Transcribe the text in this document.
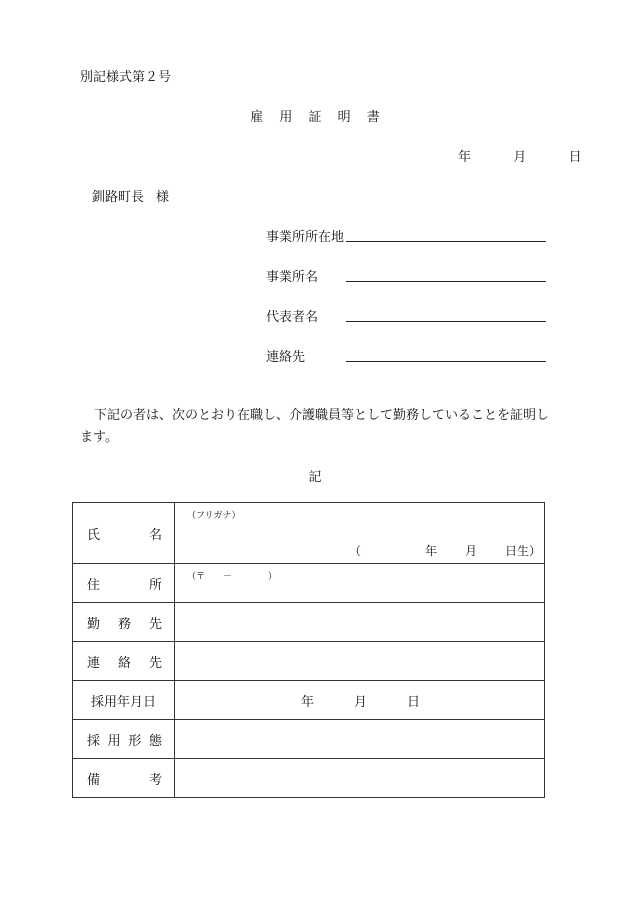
別記様式第２号
雇 用 証 明 書
年	月	日
釧路町長 様
事業所所在地
事業所名
代表者名
連絡先
下記の者は、次のとおり在職し、介護職員等として勤務していることを証明します。
記
氏 名	（フリガナ）
（ 年 月 日生）

住 所	（〒　　－　　　　）

勤 務 先	

連 絡 先	

採用年月日	年 月 日

採 用 形 態	

備 考	
